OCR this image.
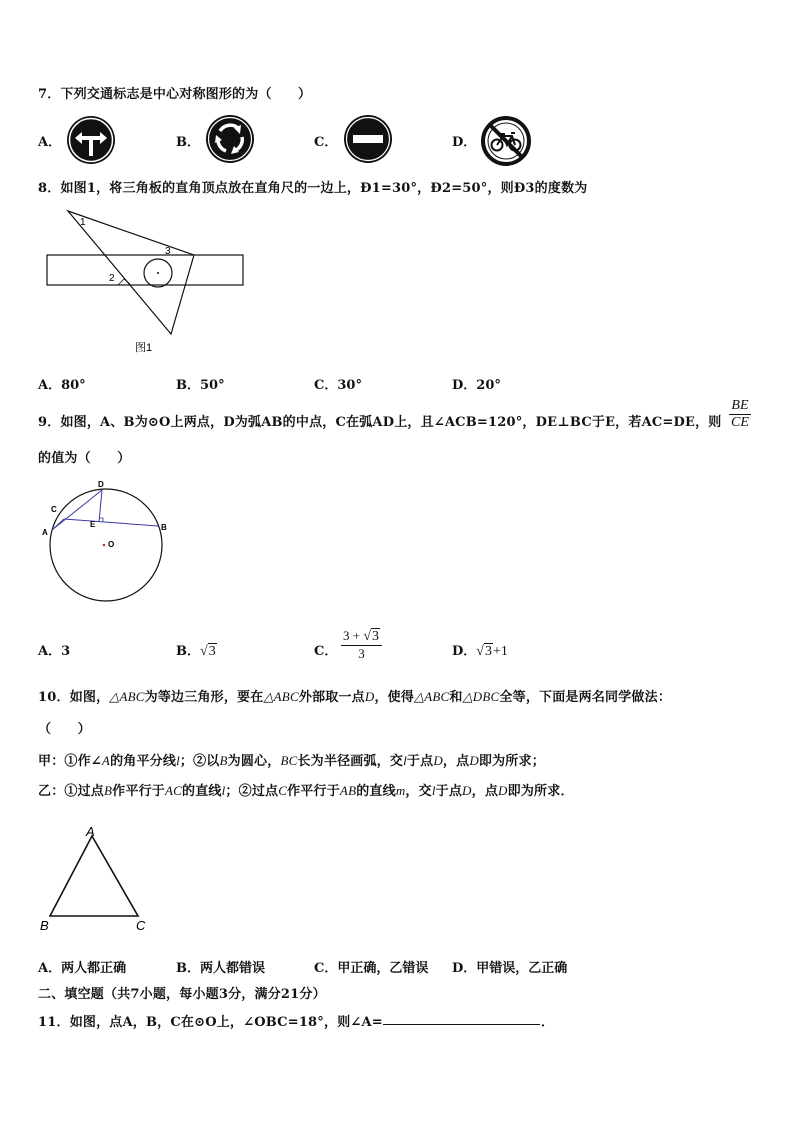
7．下列交通标志是中心对称图形的为（　　）
A．	B．	C．	D．
8．如图1，将三角板的直角顶点放在直角尺的一边上，Ð1=30°，Ð2=50°，则Ð3的度数为
1
3
2
图1
A．80°	B．50°	C．30°	D．20°
9．如图，A、B为⊙O上两点，D为弧AB的中点，C在弧AD上，且∠ACB=120°，DE⊥BC于E，若AC=DE，则 $\frac{BE}{CE}$
的值为（　　）
A
C
D
E	B
O
A．3	B．√3	C． $\frac{3 + √3}{3}$	D．√3+1
10．如图，△ABC为等边三角形，要在△ABC外部取一点D，使得△ABC和△DBC全等，下面是两名同学做法：
（　　）
甲：①作∠A的角平分线l；②以B为圆心，BC长为半径画弧，交l于点D，点D即为所求；
乙：①过点B作平行于AC的直线l；②过点C作平行于AB的直线m，交l于点D，点D即为所求．
A
B	C
A．两人都正确	B．两人都错误	C．甲正确，乙错误 D．甲错误，乙正确
二、填空题（共7小题，每小题3分，满分21分）
11．如图，点A，B，C在⊙O上，∠OBC=18°，则∠A=	．
